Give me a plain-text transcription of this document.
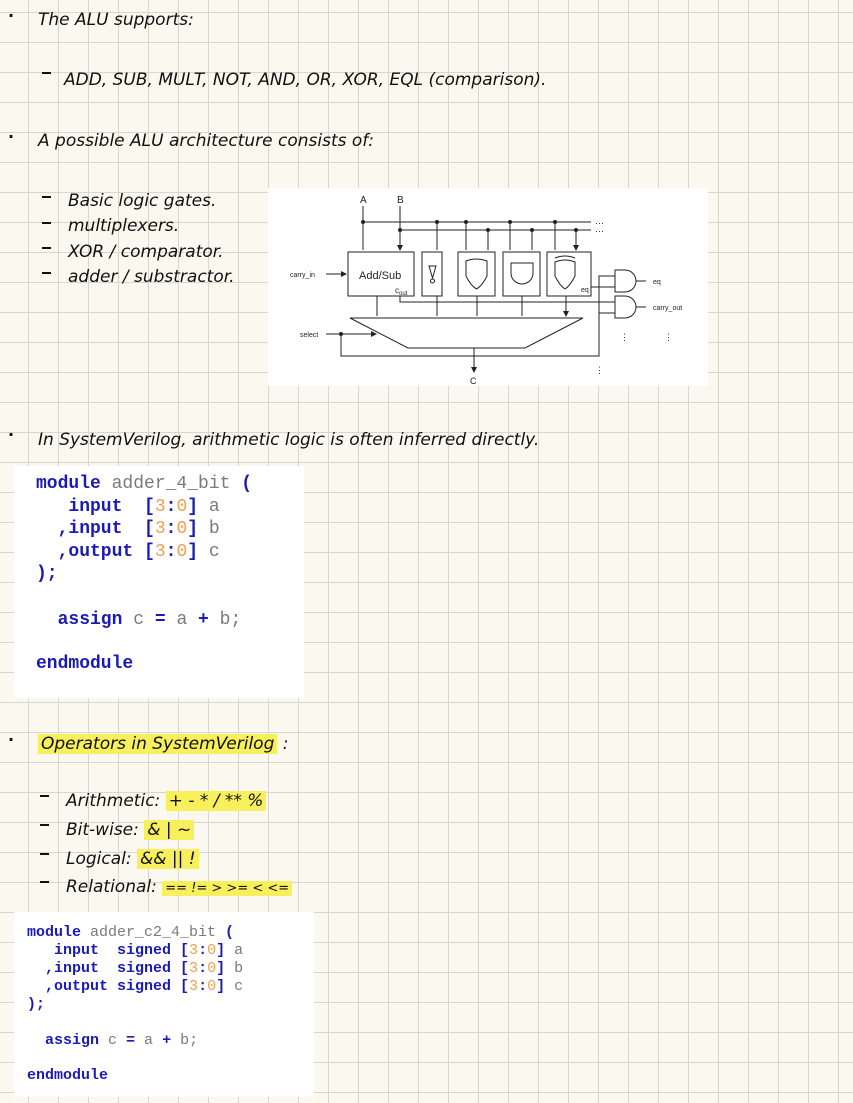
· The ALU supports:
ADD, SUB, MULT, NOT, AND, OR, XOR, EQL (comparison).
· A possible ALU architecture consists of:
Basic logic gates.
multiplexers.
XOR / comparator.
adder / substractor.
A	B
⋯
⋯
Add/Sub
$c_{out}$
carry_in
eq
select
C
eq
carry_out
⋮	⋮
⋮
· In SystemVerilog, arithmetic logic is often inferred directly.

module adder_4_bit (

input  [3:0] a

,input  [3:0] b

,output [3:0] c

);

assign c = a + b;

endmodule

· Operators in SystemVerilog :
Arithmetic: + - * / ** %
Bit-wise: & | ~
Logical: && || !
Relational: == != > >= < <=

module adder_c2_4_bit (

input  signed [3:0] a

,input  signed [3:0] b

,output signed [3:0] c

);

assign c = a + b;

endmodule
